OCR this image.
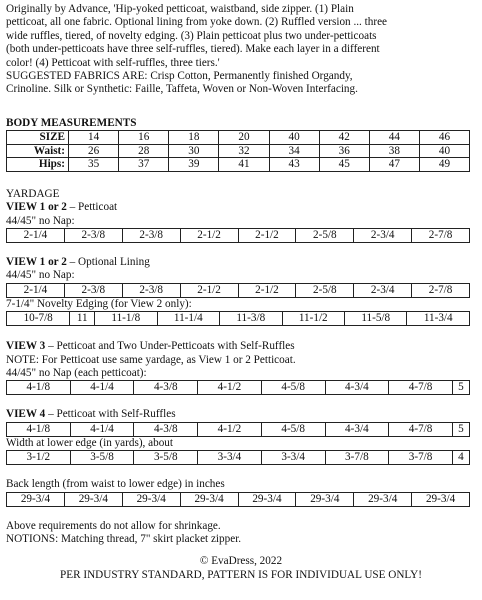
Originally by Advance, 'Hip-yoked petticoat, waistband, side zipper. (1) Plain
petticoat, all one fabric. Optional lining from yoke down. (2) Ruffled version ... three
wide ruffles, tiered, of novelty edging. (3) Plain petticoat plus two under-petticoats
(both under-petticoats have three self-ruffles, tiered). Make each layer in a different
color! (4) Petticoat with self-ruffles, three tiers.'
SUGGESTED FABRICS ARE: Crisp Cotton, Permanently finished Organdy,
Crinoline. Silk or Synthetic: Faille, Taffeta, Woven or Non-Woven Interfacing.
BODY MEASUREMENTS
SIZE	14	16	18	20	40	42	44	46
Waist:	26	28	30	32	34	36	38	40
Hips:	35	37	39	41	43	45	47	49
YARDAGE
VIEW 1 or 2 – Petticoat
44/45" no Nap:
2-1/4	2-3/8	2-3/8	2-1/2	2-1/2	2-5/8	2-3/4	2-7/8
VIEW 1 or 2 – Optional Lining
44/45" no Nap:
2-1/4	2-3/8	2-3/8	2-1/2	2-1/2	2-5/8	2-3/4	2-7/8
7-1/4" Novelty Edging (for View 2 only):
10-7/8	11	11-1/8	11-1/4	11-3/8	11-1/2	11-5/8	11-3/4
VIEW 3 – Petticoat and Two Under-Petticoats with Self-Ruffles
NOTE: For Petticoat use same yardage, as View 1 or 2 Petticoat.
44/45" no Nap (each petticoat):
4-1/8	4-1/4	4-3/8	4-1/2	4-5/8	4-3/4	4-7/8	5
VIEW 4 – Petticoat with Self-Ruffles
4-1/8	4-1/4	4-3/8	4-1/2	4-5/8	4-3/4	4-7/8	5
Width at lower edge (in yards), about
3-1/2	3-5/8	3-5/8	3-3/4	3-3/4	3-7/8	3-7/8	4
Back length (from waist to lower edge) in inches
29-3/4	29-3/4	29-3/4	29-3/4	29-3/4	29-3/4	29-3/4	29-3/4
Above requirements do not allow for shrinkage.
NOTIONS: Matching thread, 7" skirt placket zipper.
© EvaDress, 2022
PER INDUSTRY STANDARD, PATTERN IS FOR INDIVIDUAL USE ONLY!
